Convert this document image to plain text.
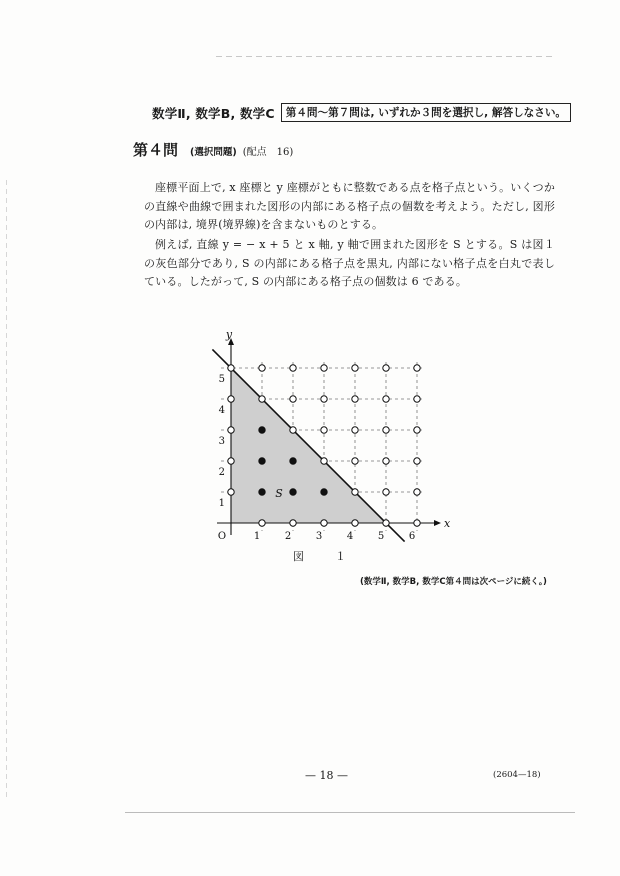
数学Ⅱ, 数学B, 数学C	第４問～第７問は, いずれか３問を選択し, 解答しなさい。
第４問 (選択問題) (配点　16)
座標平面上で, x 座標と y 座標がともに整数である点を格子点という。いくつかの直線や曲線で囲まれた図形の内部にある格子点の個数を考えよう。ただし, 図形の内部は, 境界(境界線)を含まないものとする。
例えば, 直線 y = − x + 5 と x 軸, y 軸で囲まれた図形を S とする。S は図１の灰色部分であり, S の内部にある格子点を黒丸, 内部にない格子点を白丸で表している。したがって, S の内部にある格子点の個数は 6 である。
x
y
O
S
1 2 3 4 5 6
1
2
3
4
5
図　１
(数学Ⅱ, 数学B, 数学C第４問は次ページに続く。)
— 18 —	(2604—18)
